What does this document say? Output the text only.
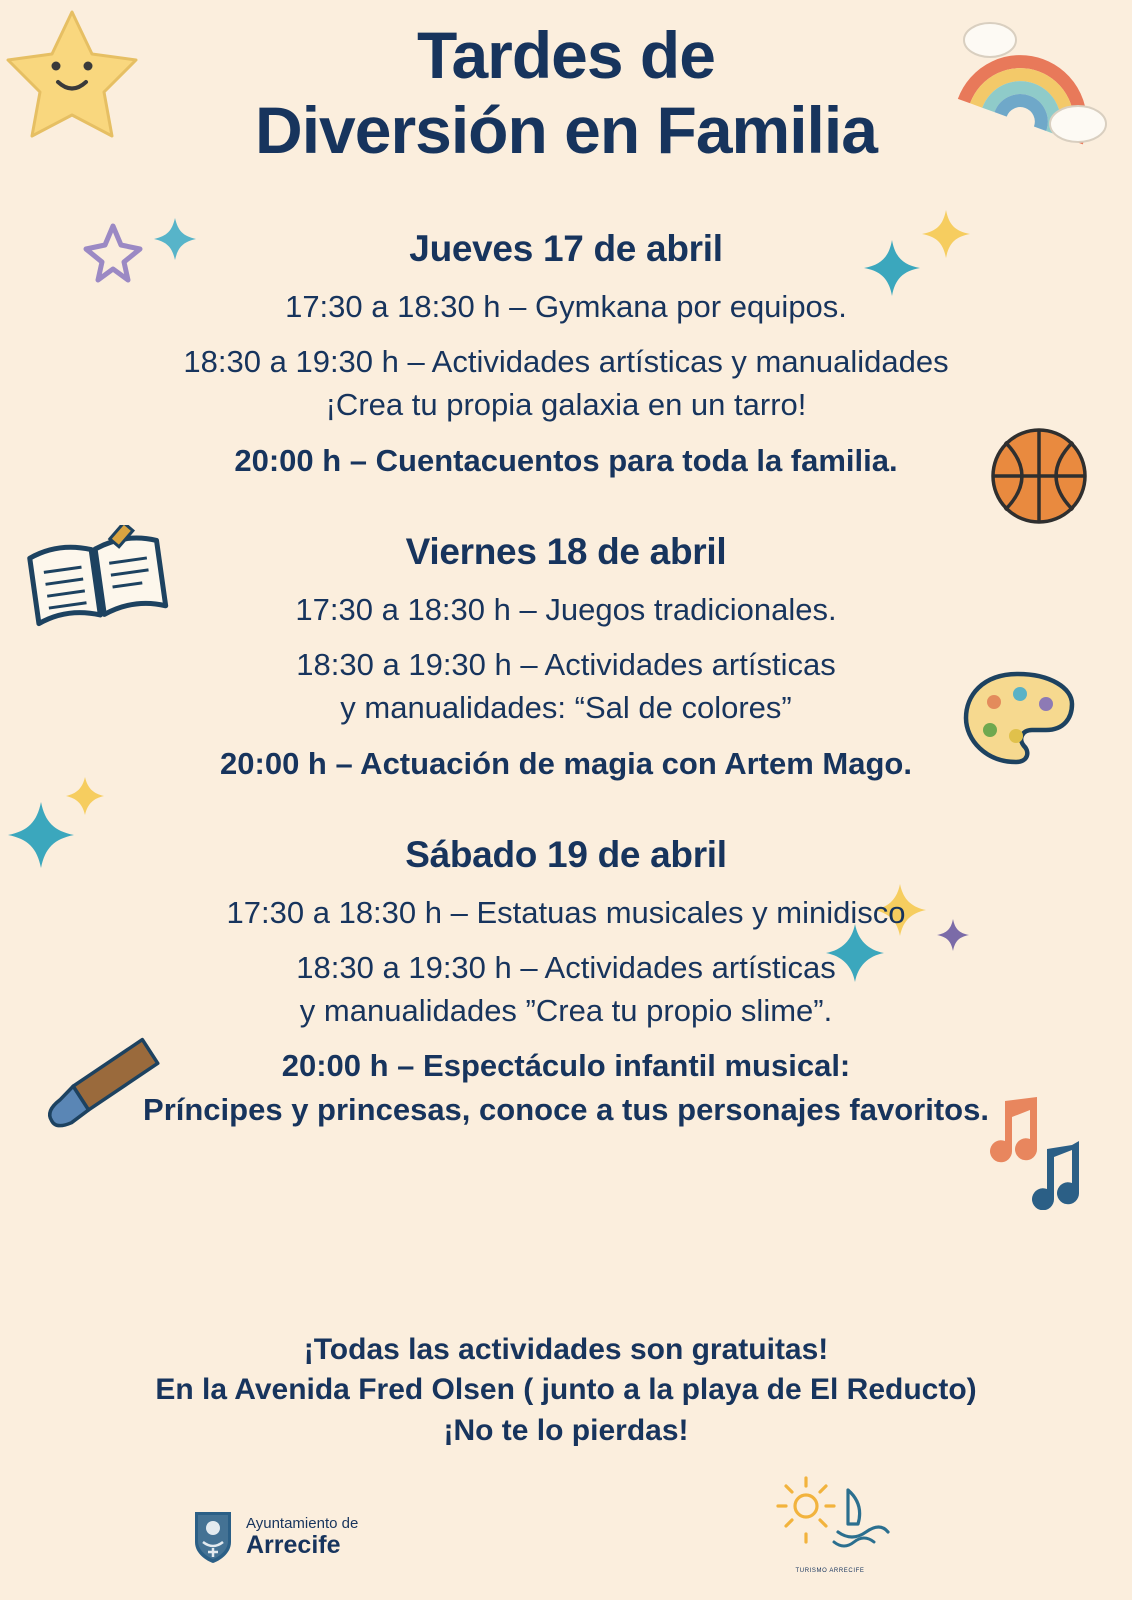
Tardes de
Diversión en Familia
Jueves 17 de abril
17:30 a 18:30 h – Gymkana por equipos.
18:30 a 19:30 h – Actividades artísticas y manualidades
¡Crea tu propia galaxia en un tarro!
20:00 h – Cuentacuentos para toda la familia.
Viernes 18 de abril
17:30 a 18:30 h – Juegos tradicionales.
18:30 a 19:30 h – Actividades artísticas
y manualidades: “Sal de colores”
20:00 h – Actuación de magia con Artem Mago.
Sábado 19 de abril
17:30 a 18:30 h – Estatuas musicales y minidisco
18:30 a 19:30 h – Actividades artísticas
y manualidades ”Crea tu propio slime”.
20:00 h – Espectáculo infantil musical:
Príncipes y princesas, conoce a tus personajes favoritos.
¡Todas las actividades son gratuitas!
En la Avenida Fred Olsen ( junto a la playa de El Reducto)
¡No te lo pierdas!
Ayuntamiento de
Arrecife
TURISMO ARRECIFE
